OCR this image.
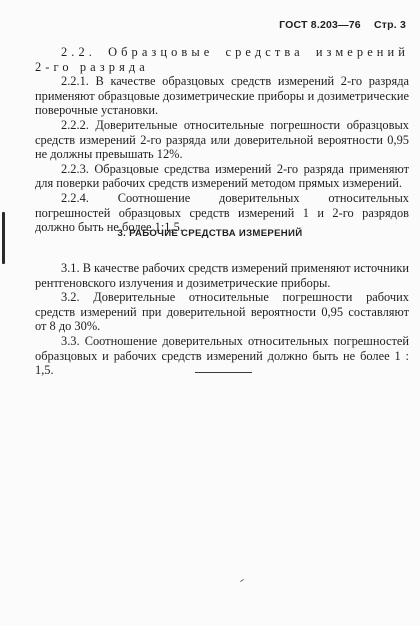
ГОСТ 8.203—76 Стр. 3

2.2. Образцовые средства измерений 2-го разряда

2.2.1. В качестве образцовых средств измерений 2-го разряда применяют образцовые дозиметрические приборы и дозиметрические поверочные установки.

2.2.2. Доверительные относительные погрешности образцовых средств измерений 2-го разряда или доверительной вероятности 0,95 не должны превышать 12%.

2.2.3. Образцовые средства измерений 2-го разряда применяют для поверки рабочих средств измерений методом прямых измерений.

2.2.4. Соотношение доверительных относительных погрешностей образцовых средств измерений 1 и 2-го разрядов должно быть не более 1:1,5.

3. РАБОЧИЕ СРЕДСТВА ИЗМЕРЕНИЙ

3.1. В качестве рабочих средств измерений применяют источники рентгеновского излучения и дозиметрические приборы.

3.2. Доверительные относительные погрешности рабочих средств измерений при доверительной вероятности 0,95 составляют от 8 до 30%.

3.3. Соотношение доверительных относительных погрешностей образцовых и рабочих средств измерений должно быть не более 1 : 1,5.
